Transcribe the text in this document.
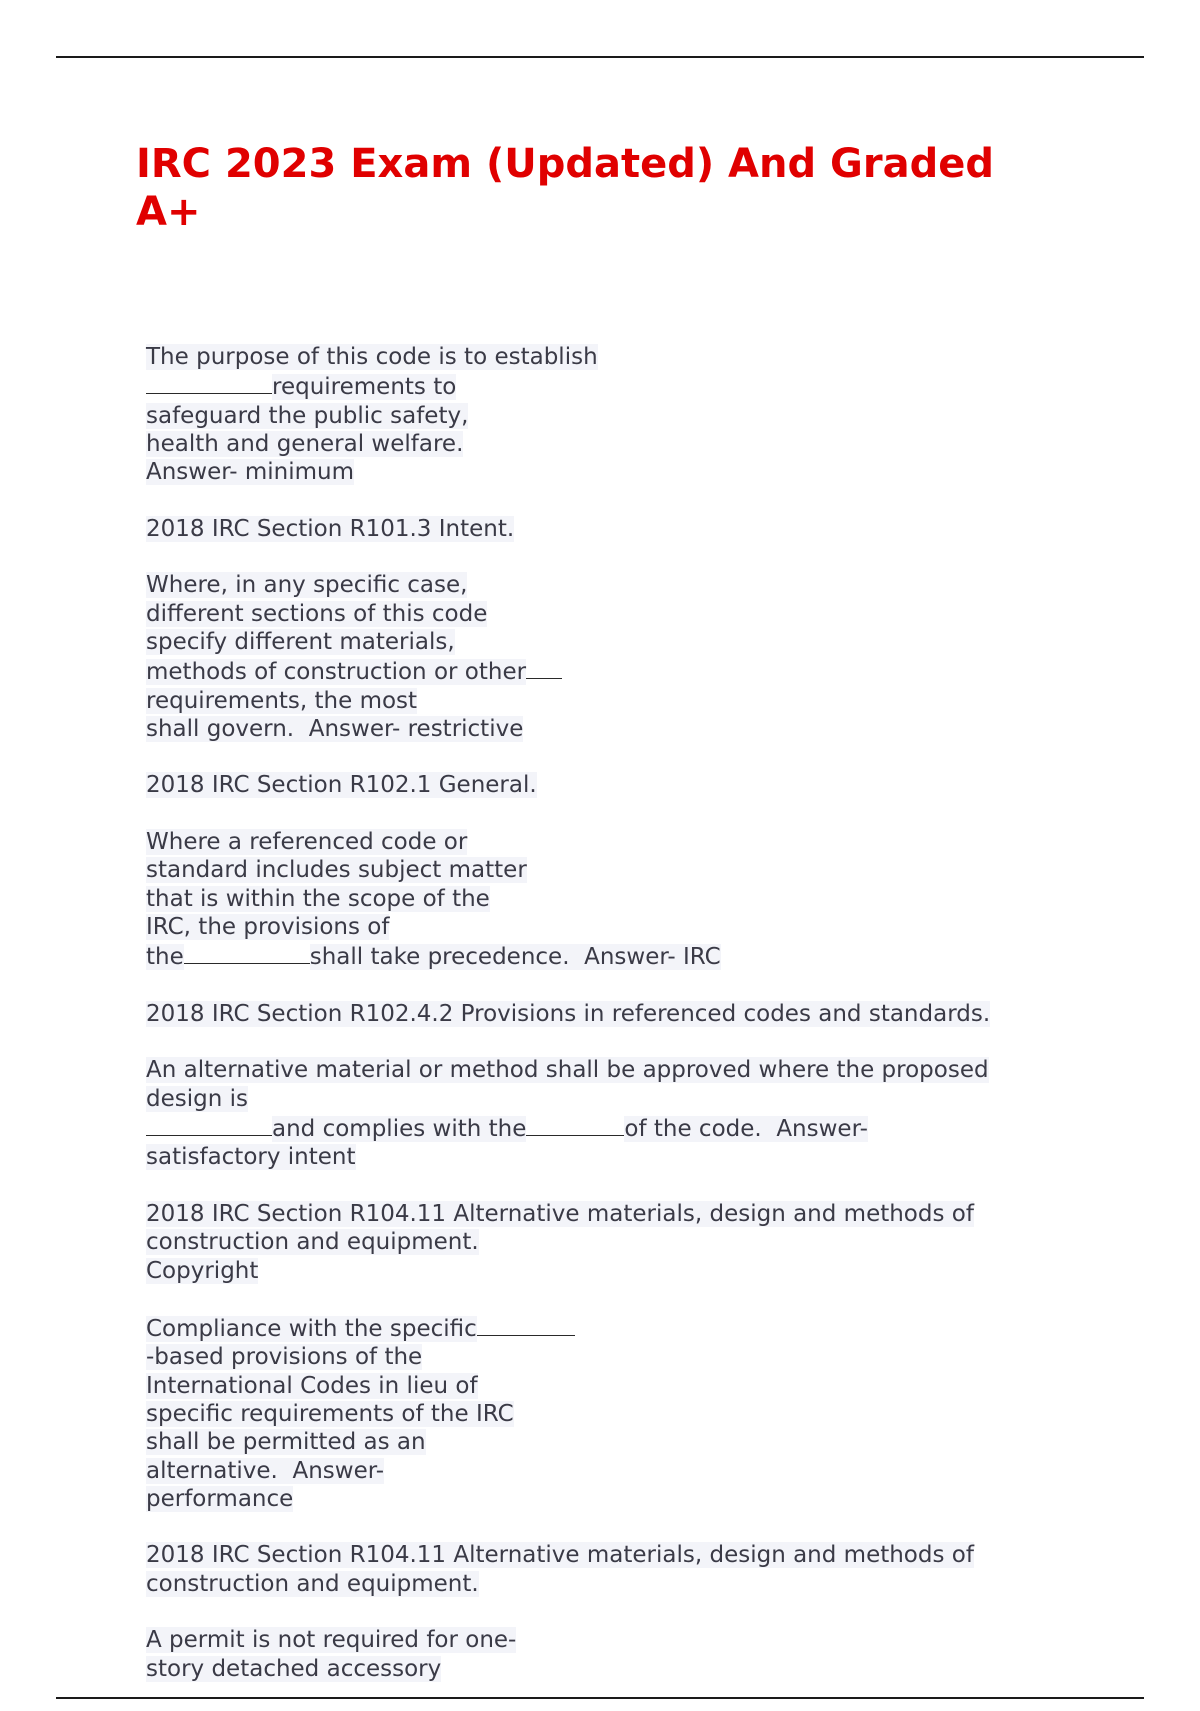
IRC 2023 Exam (Updated) And Graded A+
The purpose of this code is to establish
requirements to
safeguard the public safety,
health and general welfare.
Answer- minimum
2018 IRC Section R101.3 Intent.
Where, in any specific case,
different sections of this code
specify different materials,
methods of construction or other
requirements, the most
shall govern.  Answer- restrictive
2018 IRC Section R102.1 General.
Where a referenced code or
standard includes subject matter
that is within the scope of the
IRC, the provisions of
the	shall take precedence.  Answer- IRC
2018 IRC Section R102.4.2 Provisions in referenced codes and standards.
An alternative material or method shall be approved where the proposed
design is
and complies with the	of the code.  Answer-
satisfactory intent
2018 IRC Section R104.11 Alternative materials, design and methods of
construction and equipment.
Copyright
Compliance with the specific
-based provisions of the
International Codes in lieu of
specific requirements of the IRC
shall be permitted as an
alternative.  Answer-
performance
2018 IRC Section R104.11 Alternative materials, design and methods of
construction and equipment.
A permit is not required for one-
story detached accessory
